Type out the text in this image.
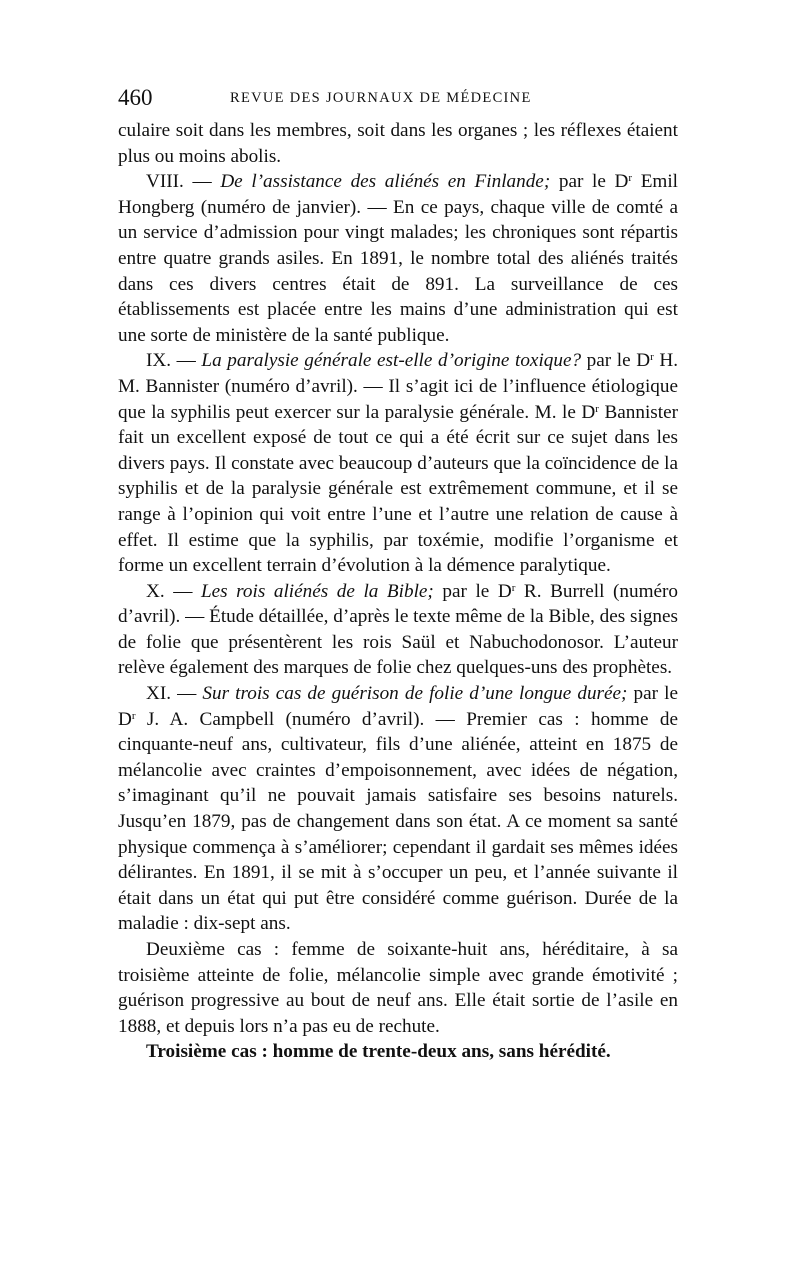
460	REVUE DES JOURNAUX DE MÉDECINE

culaire soit dans les membres, soit dans les organes ; les réflexes étaient plus ou moins abolis.

VIII. — De l’assistance des aliénés en Finlande; par le $D^r$ Emil Hongberg (numéro de janvier). — En ce pays, chaque ville de comté a un service d’admission pour vingt malades; les chroniques sont répartis entre quatre grands asiles. En 1891, le nombre total des aliénés traités dans ces divers centres était de 891. La surveillance de ces établissements est placée entre les mains d’une administration qui est une sorte de ministère de la santé publique.

IX. — La paralysie générale est-elle d’origine toxique? par le $D^r$ H. M. Bannister (numéro d’avril). — Il s’agit ici de l’influence étiologique que la syphilis peut exercer sur la paralysie générale. M. le $D^r$ Bannister fait un excellent exposé de tout ce qui a été écrit sur ce sujet dans les divers pays. Il constate avec beaucoup d’auteurs que la coïncidence de la syphilis et de la paralysie générale est extrêmement commune, et il se range à l’opinion qui voit entre l’une et l’autre une relation de cause à effet. Il estime que la syphilis, par toxémie, modifie l’organisme et forme un excellent terrain d’évolution à la démence paralytique.

X. — Les rois aliénés de la Bible; par le $D^r$ R. Burrell (numéro d’avril). — Étude détaillée, d’après le texte même de la Bible, des signes de folie que présentèrent les rois Saül et Nabuchodonosor. L’auteur relève également des marques de folie chez quelques-uns des prophètes.

XI. — Sur trois cas de guérison de folie d’une longue durée; par le $D^r$ J. A. Campbell (numéro d’avril). — Premier cas : homme de cinquante-neuf ans, cultivateur, fils d’une aliénée, atteint en 1875 de mélancolie avec craintes d’empoisonnement, avec idées de négation, s’imaginant qu’il ne pouvait jamais satisfaire ses besoins naturels. Jusqu’en 1879, pas de changement dans son état. A ce moment sa santé physique commença à s’améliorer; cependant il gardait ses mêmes idées délirantes. En 1891, il se mit à s’occuper un peu, et l’année suivante il était dans un état qui put être considéré comme guérison. Durée de la maladie : dix-sept ans.

Deuxième cas : femme de soixante-huit ans, héréditaire, à sa troisième atteinte de folie, mélancolie simple avec grande émotivité ; guérison progressive au bout de neuf ans. Elle était sortie de l’asile en 1888, et depuis lors n’a pas eu de rechute.

Troisième cas : homme de trente-deux ans, sans hérédité.
